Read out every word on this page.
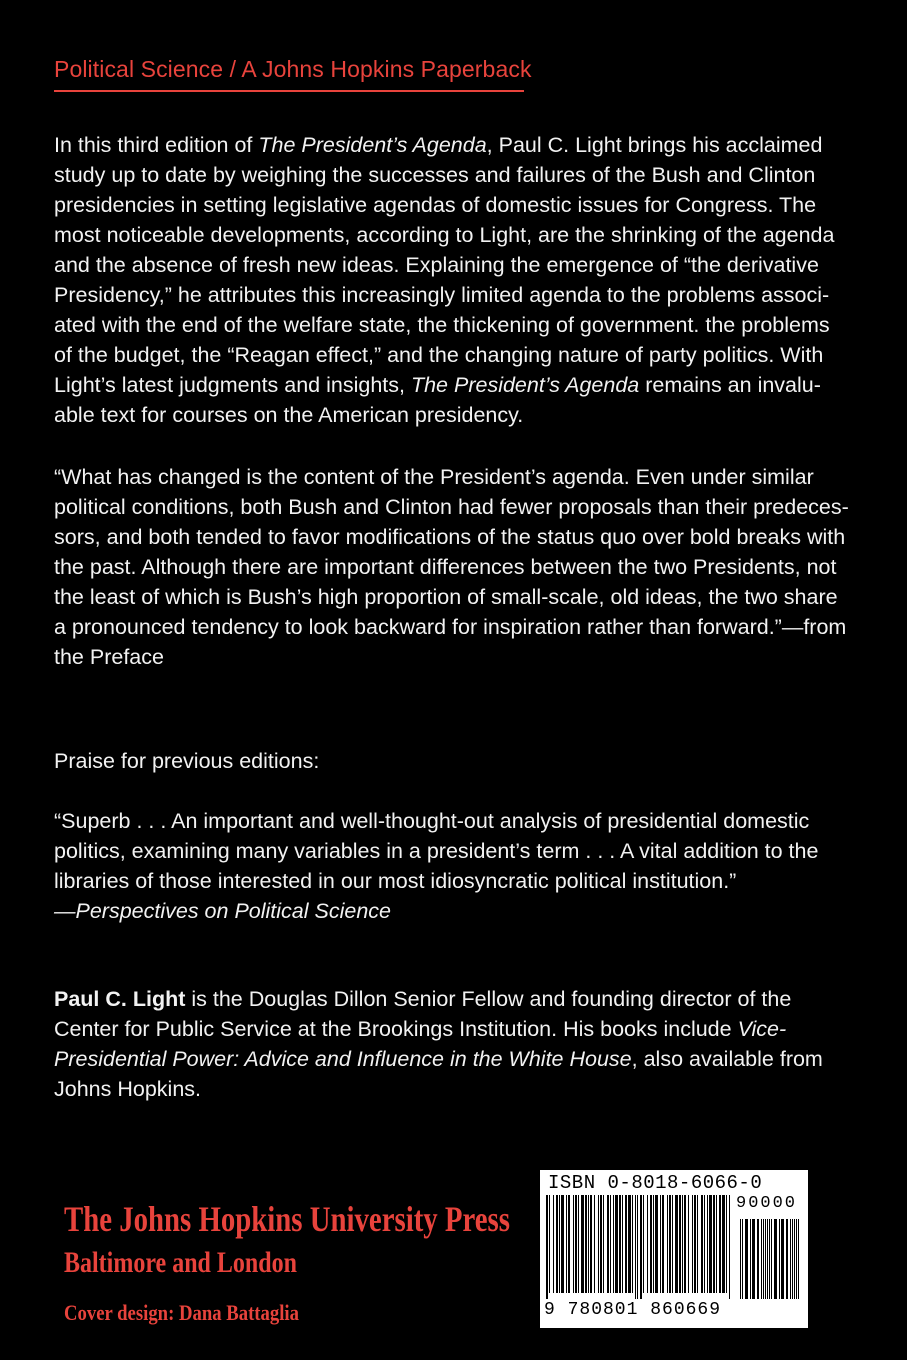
Political Science / A Johns Hopkins Paperback
In this third edition of The President’s Agenda, Paul C. Light brings his acclaimed
study up to date by weighing the successes and failures of the Bush and Clinton
presidencies in setting legislative agendas of domestic issues for Congress. The
most noticeable developments, according to Light, are the shrinking of the agenda
and the absence of fresh new ideas. Explaining the emergence of “the derivative
Presidency,” he attributes this increasingly limited agenda to the problems associ-
ated with the end of the welfare state, the thickening of government. the problems
of the budget, the “Reagan effect,” and the changing nature of party politics. With
Light’s latest judgments and insights, The President’s Agenda remains an invalu-
able text for courses on the American presidency.
“What has changed is the content of the President’s agenda. Even under similar
political conditions, both Bush and Clinton had fewer proposals than their predeces-
sors, and both tended to favor modifications of the status quo over bold breaks with
the past. Although there are important differences between the two Presidents, not
the least of which is Bush’s high proportion of small-scale, old ideas, the two share
a pronounced tendency to look backward for inspiration rather than forward.”—from
the Preface
Praise for previous editions:
“Superb . . . An important and well-thought-out analysis of presidential domestic
politics, examining many variables in a president’s term . . . A vital addition to the
libraries of those interested in our most idiosyncratic political institution.”
—Perspectives on Political Science
Paul C. Light is the Douglas Dillon Senior Fellow and founding director of the
Center for Public Service at the Brookings Institution. His books include Vice-
Presidential Power: Advice and Influence in the White House, also available from
Johns Hopkins.
The Johns Hopkins University Press
Baltimore and London
Cover design: Dana Battaglia
ISBN 0-8018-6066-0
90000
9 780801 860669
